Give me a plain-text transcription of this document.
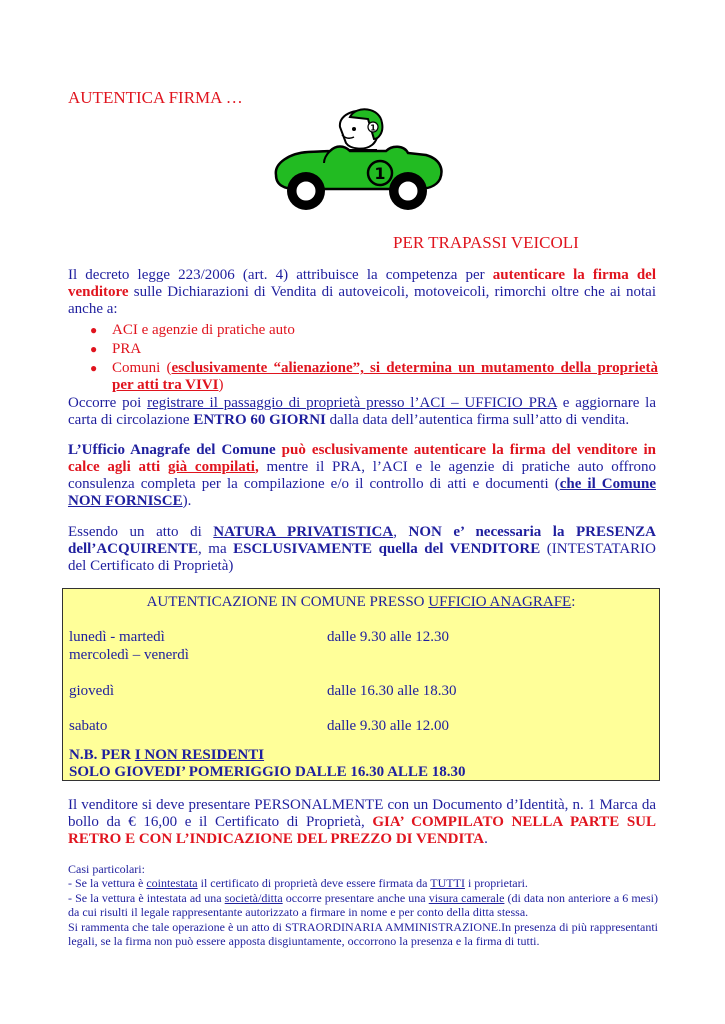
AUTENTICA FIRMA …
1
1
PER TRAPASSI VEICOLI
Il decreto legge 223/2006 (art. 4) attribuisce la competenza per autenticare la firma del venditore sulle Dichiarazioni di Vendita di autoveicoli, motoveicoli, rimorchi oltre che ai notai anche a:
● ACI e agenzie di pratiche auto
● PRA
● Comuni (esclusivamente “alienazione”, si determina un mutamento della proprietà per atti tra VIVI)
Occorre poi registrare il passaggio di proprietà presso l’ACI – UFFICIO PRA e aggiornare la carta di circolazione ENTRO 60 GIORNI dalla data dell’autentica firma sull’atto di vendita.
L’Ufficio Anagrafe del Comune può esclusivamente autenticare la firma del venditore in calce agli atti già compilati, mentre il PRA, l’ACI e le agenzie di pratiche auto offrono consulenza completa per la compilazione e/o il controllo di atti e documenti (che il Comune NON FORNISCE).
Essendo un atto di NATURA PRIVATISTICA, NON e’ necessaria la PRESENZA dell’ACQUIRENTE, ma ESCLUSIVAMENTE quella del VENDITORE (INTESTATARIO del Certificato di Proprietà)
AUTENTICAZIONE IN COMUNE PRESSO UFFICIO ANAGRAFE:
lunedì - martedì	dalle 9.30 alle 12.30
mercoledì – venerdì
giovedì	dalle 16.30 alle 18.30
sabato	dalle 9.30 alle 12.00
N.B. PER I NON RESIDENTI
SOLO GIOVEDI’ POMERIGGIO DALLE 16.30 ALLE 18.30
Il venditore si deve presentare PERSONALMENTE con un Documento d’Identità, n. 1 Marca da bollo da € 16,00 e il Certificato di Proprietà, GIA’ COMPILATO NELLA PARTE SUL RETRO E CON L’INDICAZIONE DEL PREZZO DI VENDITA.
Casi particolari:
- Se la vettura è cointestata il certificato di proprietà deve essere firmata da TUTTI i proprietari.
- Se la vettura è intestata ad una società/ditta occorre presentare anche una visura camerale (di data non anteriore a 6 mesi) da cui risulti il legale rappresentante autorizzato a firmare in nome e per conto della ditta stessa.
Si rammenta che tale operazione è un atto di STRAORDINARIA AMMINISTRAZIONE.In presenza di più rappresentanti legali, se la firma non può essere apposta disgiuntamente, occorrono la presenza e la firma di tutti.
